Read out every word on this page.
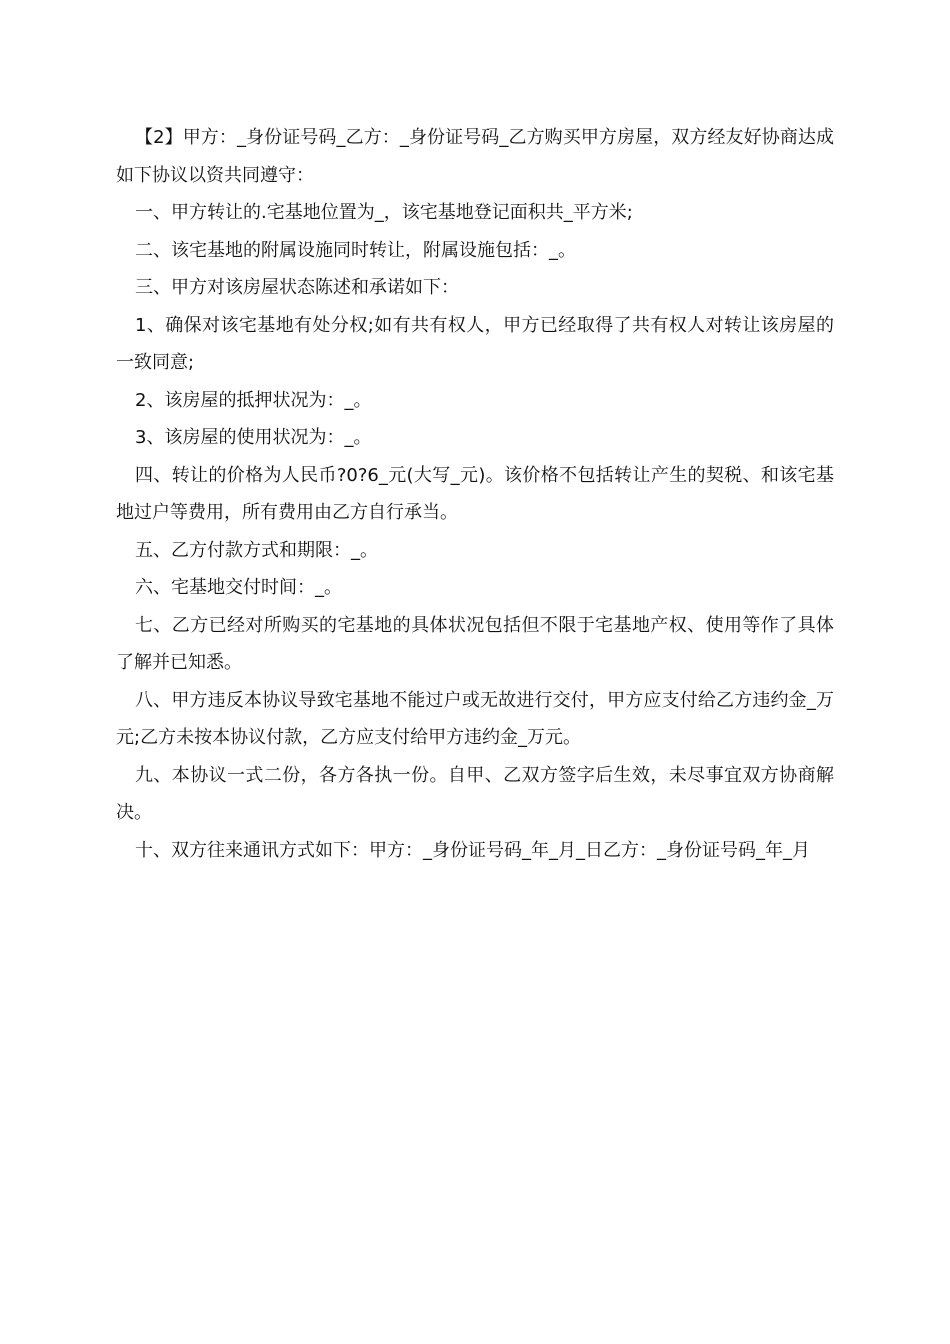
【2】甲方：_身份证号码_乙方：_身份证号码_乙方购买甲方房屋，双方经友好协商达成如下协议以资共同遵守：

一、甲方转让的.宅基地位置为_，该宅基地登记面积共_平方米;

二、该宅基地的附属设施同时转让，附属设施包括：_。

三、甲方对该房屋状态陈述和承诺如下：

1、确保对该宅基地有处分权;如有共有权人，甲方已经取得了共有权人对转让该房屋的一致同意;

2、该房屋的抵押状况为：_。

3、该房屋的使用状况为：_。

四、转让的价格为人民币?0?6_元(大写_元)。该价格不包括转让产生的契税、和该宅基地过户等费用，所有费用由乙方自行承当。

五、乙方付款方式和期限：_。

六、宅基地交付时间：_。

七、乙方已经对所购买的宅基地的具体状况包括但不限于宅基地产权、使用等作了具体了解并已知悉。

八、甲方违反本协议导致宅基地不能过户或无故进行交付，甲方应支付给乙方违约金_万元;乙方未按本协议付款，乙方应支付给甲方违约金_万元。

九、本协议一式二份，各方各执一份。自甲、乙双方签字后生效，未尽事宜双方协商解决。

十、双方往来通讯方式如下：甲方：_身份证号码_年_月_日乙方：_身份证号码_年_月
